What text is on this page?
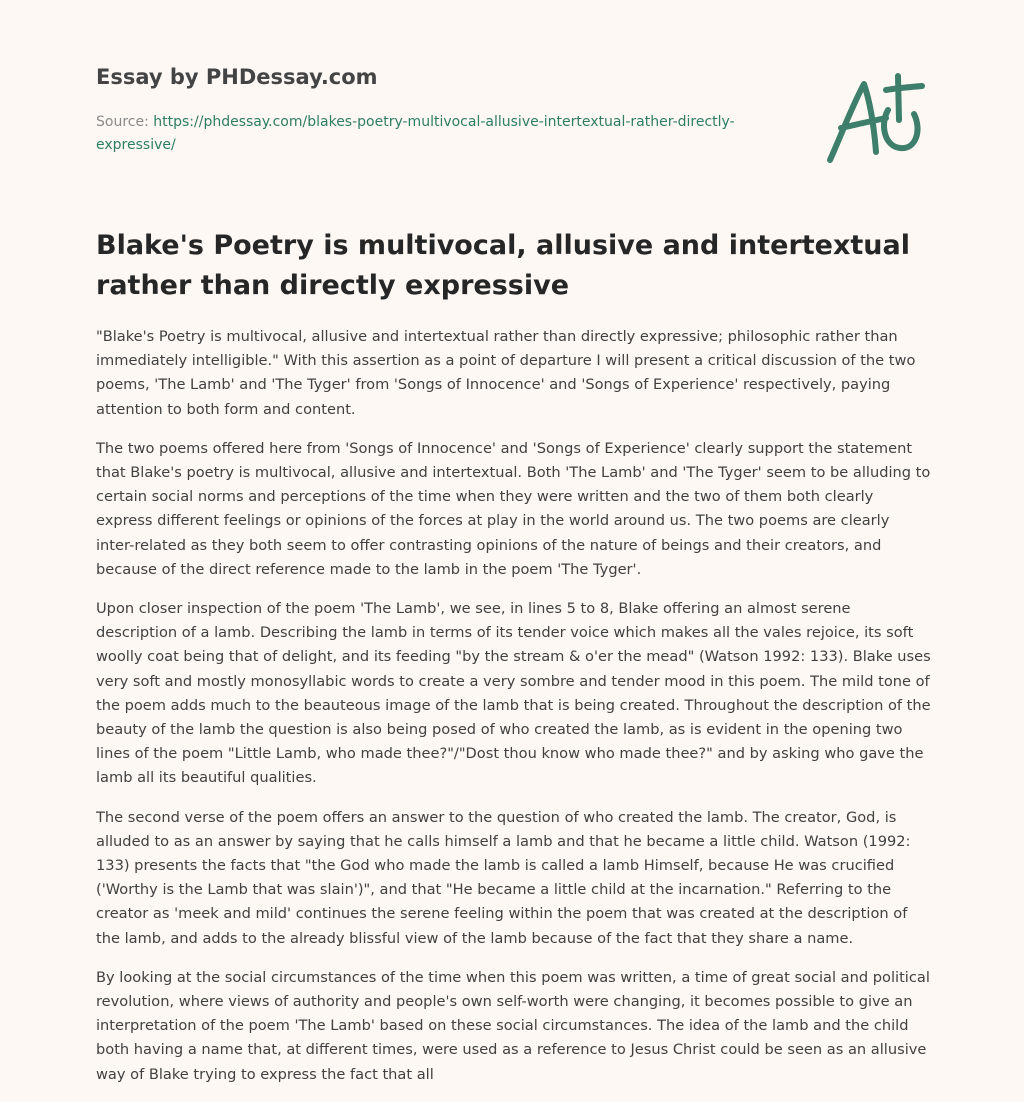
Essay by PHDessay.com
Source: https://phdessay.com/blakes-poetry-multivocal-allusive-intertextual-rather-directly-expressive/
Blake's Poetry is multivocal, allusive and intertextual rather than directly expressive

"Blake's Poetry is multivocal, allusive and intertextual rather than directly expressive; philosophic rather than immediately intelligible." With this assertion as a point of departure I will present a critical discussion of the two poems, 'The Lamb' and 'The Tyger' from 'Songs of Innocence' and 'Songs of Experience' respectively, paying attention to both form and content.

The two poems offered here from 'Songs of Innocence' and 'Songs of Experience' clearly support the statement that Blake's poetry is multivocal, allusive and intertextual. Both 'The Lamb' and 'The Tyger' seem to be alluding to certain social norms and perceptions of the time when they were written and the two of them both clearly express different feelings or opinions of the forces at play in the world around us. The two poems are clearly inter-related as they both seem to offer contrasting opinions of the nature of beings and their creators, and because of the direct reference made to the lamb in the poem 'The Tyger'.

Upon closer inspection of the poem 'The Lamb', we see, in lines 5 to 8, Blake offering an almost serene description of a lamb. Describing the lamb in terms of its tender voice which makes all the vales rejoice, its soft woolly coat being that of delight, and its feeding "by the stream & o'er the mead" (Watson 1992: 133). Blake uses very soft and mostly monosyllabic words to create a very sombre and tender mood in this poem. The mild tone of the poem adds much to the beauteous image of the lamb that is being created. Throughout the description of the beauty of the lamb the question is also being posed of who created the lamb, as is evident in the opening two lines of the poem "Little Lamb, who made thee?"/"Dost thou know who made thee?" and by asking who gave the lamb all its beautiful qualities.

The second verse of the poem offers an answer to the question of who created the lamb. The creator, God, is alluded to as an answer by saying that he calls himself a lamb and that he became a little child. Watson (1992: 133) presents the facts that "the God who made the lamb is called a lamb Himself, because He was crucified ('Worthy is the Lamb that was slain')", and that "He became a little child at the incarnation." Referring to the creator as 'meek and mild' continues the serene feeling within the poem that was created at the description of the lamb, and adds to the already blissful view of the lamb because of the fact that they share a name.

By looking at the social circumstances of the time when this poem was written, a time of great social and political revolution, where views of authority and people's own self-worth were changing, it becomes possible to give an interpretation of the poem 'The Lamb' based on these social circumstances. The idea of the lamb and the child both having a name that, at different times, were used as a reference to Jesus Christ could be seen as an allusive way of Blake trying to express the fact that all
